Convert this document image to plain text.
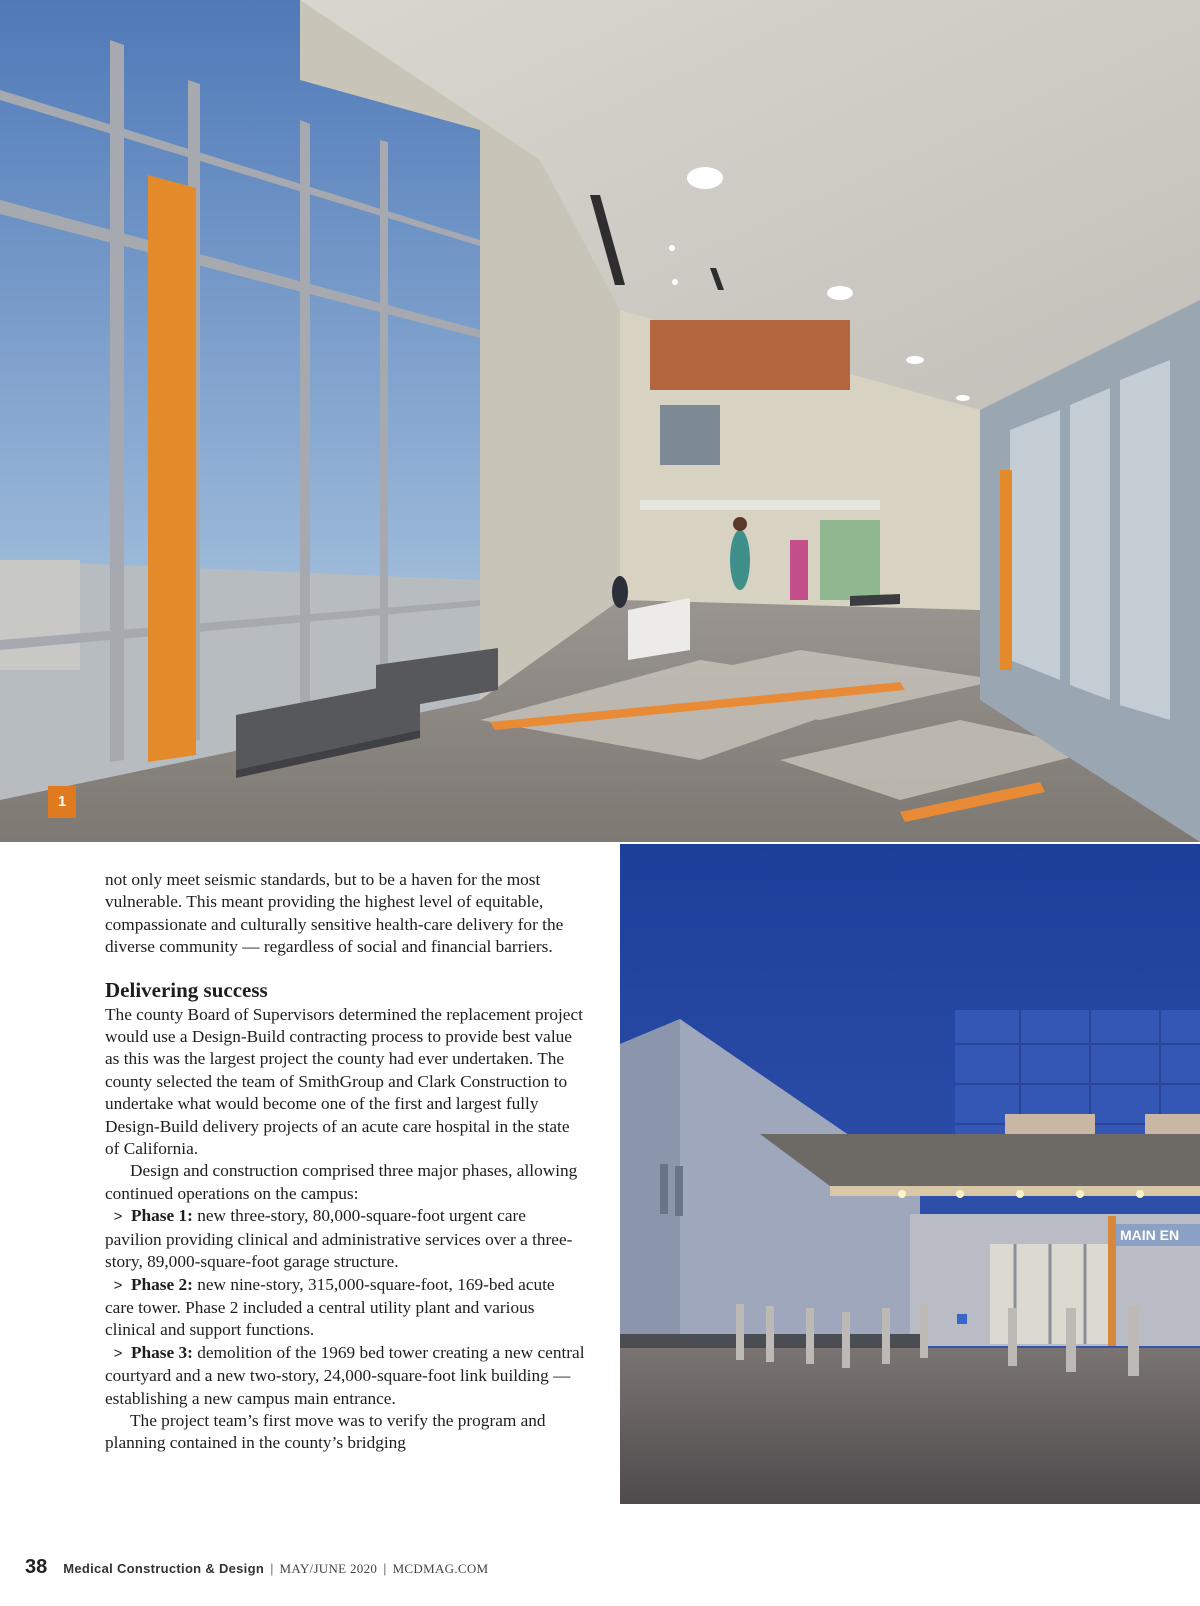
1
MAIN EN

not only meet seismic standards, but to be a haven for the most vulnerable. This meant providing the highest level of equitable, compassionate and culturally sensitive health-care delivery for the diverse community — regardless of social and financial barriers.

Delivering success

The county Board of Supervisors determined the replacement project would use a Design-Build contracting process to provide best value as this was the largest project the county had ever undertaken. The county selected the team of SmithGroup and Clark Construction to undertake what would become one of the first and largest fully Design-Build delivery projects of an acute care hospital in the state of California.

Design and construction comprised three major phases, allowing continued operations on the campus:

> Phase 1: new three-story, 80,000-square-foot urgent care pavilion providing clinical and administrative services over a three-story, 89,000-square-foot garage structure.

> Phase 2: new nine-story, 315,000-square-foot, 169-bed acute care tower. Phase 2 included a central utility plant and various clinical and support functions.

> Phase 3: demolition of the 1969 bed tower creating a new central courtyard and a new two-story, 24,000-square-foot link building — establishing a new campus main entrance.

The project team’s first move was to verify the program and planning contained in the county’s bridging

38 Medical Construction & Design | MAY/JUNE 2020 | MCDMAG.COM
